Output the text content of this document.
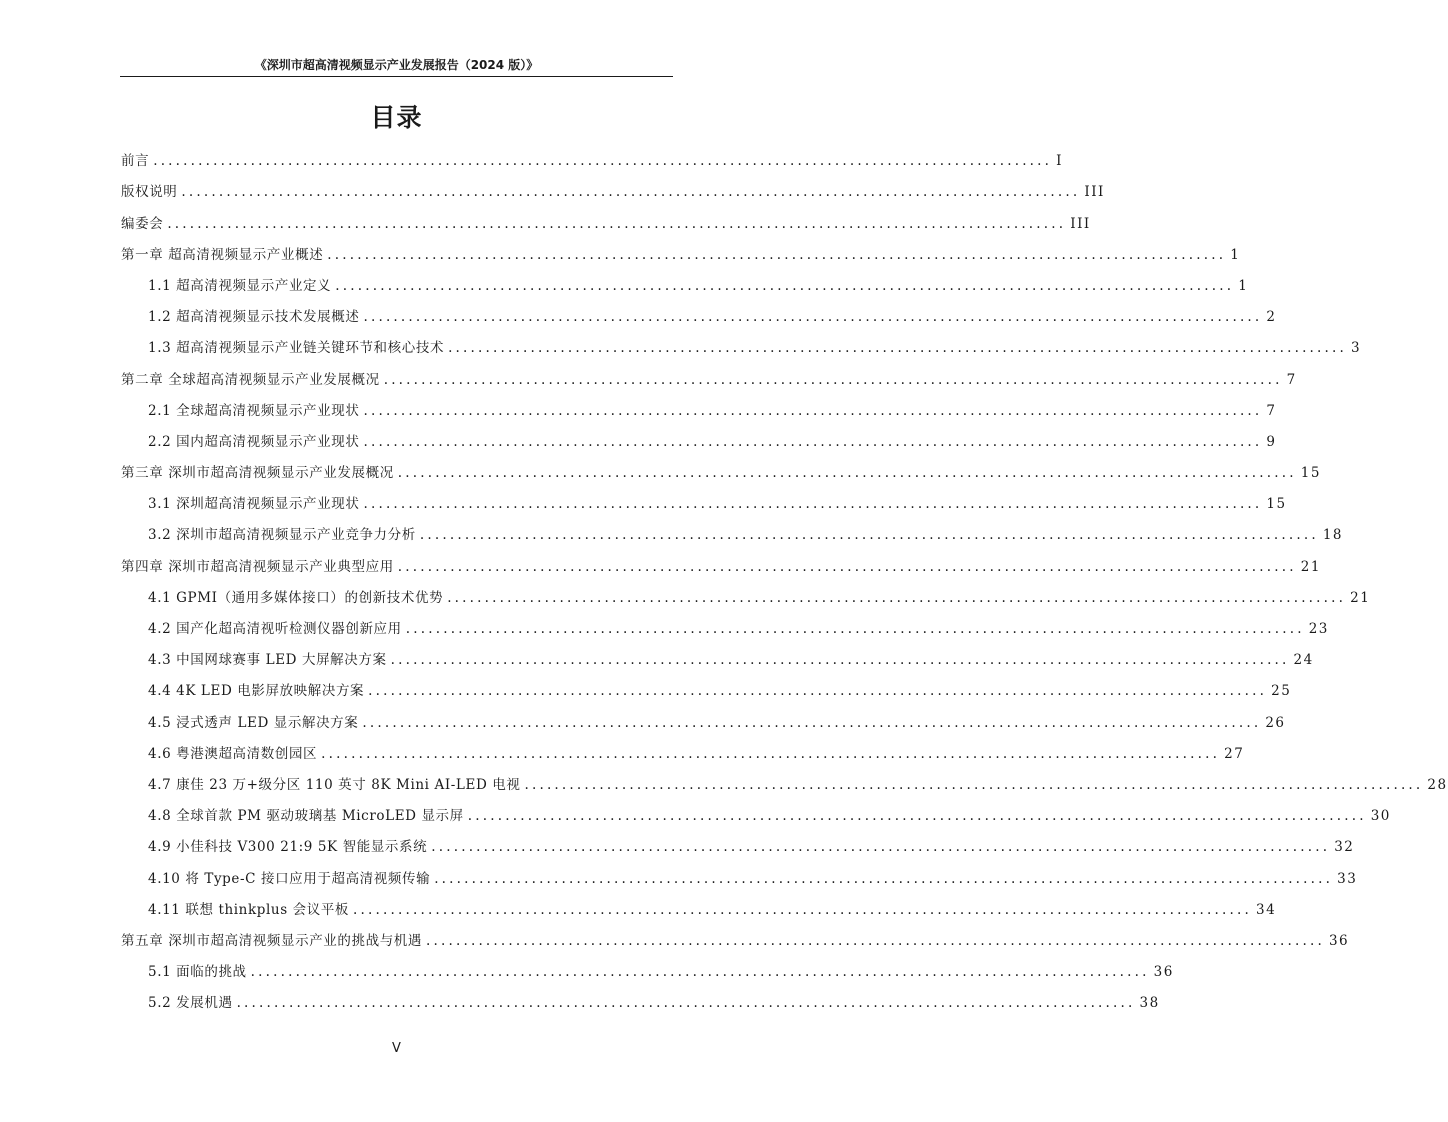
《深圳市超高清视频显示产业发展报告（2024 版）》
目录
前言 ........................................................................................................................ I
版权说明 ........................................................................................................................ III
编委会 ........................................................................................................................ III
第一章 超高清视频显示产业概述 ........................................................................................................................ 1
1.1 超高清视频显示产业定义 ........................................................................................................................ 1
1.2 超高清视频显示技术发展概述 ........................................................................................................................ 2
1.3 超高清视频显示产业链关键环节和核心技术 ........................................................................................................................ 3
第二章 全球超高清视频显示产业发展概况 ........................................................................................................................ 7
2.1 全球超高清视频显示产业现状 ........................................................................................................................ 7
2.2 国内超高清视频显示产业现状 ........................................................................................................................ 9
第三章 深圳市超高清视频显示产业发展概况 ........................................................................................................................ 15
3.1 深圳超高清视频显示产业现状 ........................................................................................................................ 15
3.2 深圳市超高清视频显示产业竞争力分析 ........................................................................................................................ 18
第四章 深圳市超高清视频显示产业典型应用 ........................................................................................................................ 21
4.1 GPMI（通用多媒体接口）的创新技术优势 ........................................................................................................................ 21
4.2 国产化超高清视听检测仪器创新应用 ........................................................................................................................ 23
4.3 中国网球赛事 LED 大屏解决方案 ........................................................................................................................ 24
4.4 4K LED 电影屏放映解决方案 ........................................................................................................................ 25
4.5 浸式透声 LED 显示解决方案 ........................................................................................................................ 26
4.6 粤港澳超高清数创园区 ........................................................................................................................ 27
4.7 康佳 23 万+级分区 110 英寸 8K Mini AI-LED 电视 ........................................................................................................................ 28
4.8 全球首款 PM 驱动玻璃基 MicroLED 显示屏 ........................................................................................................................ 30
4.9 小佳科技 V300 21:9 5K 智能显示系统 ........................................................................................................................ 32
4.10 将 Type-C 接口应用于超高清视频传输 ........................................................................................................................ 33
4.11 联想 thinkplus 会议平板 ........................................................................................................................ 34
第五章 深圳市超高清视频显示产业的挑战与机遇 ........................................................................................................................ 36
5.1 面临的挑战 ........................................................................................................................ 36
5.2 发展机遇 ........................................................................................................................ 38
V
